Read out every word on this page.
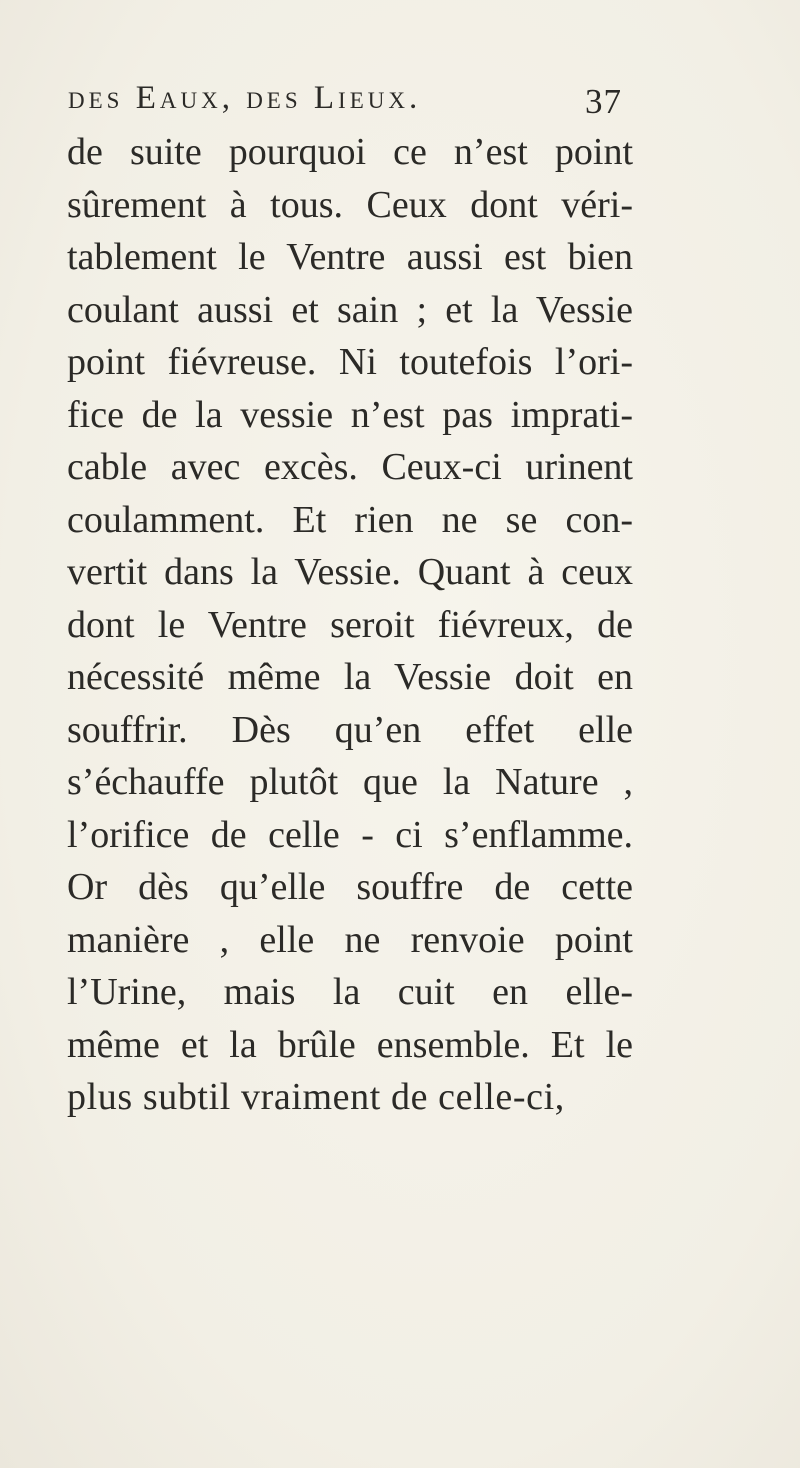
des Eaux, des Lieux.	37
de suite pourquoi ce n’est point
sûrement à tous. Ceux dont véri-
tablement le Ventre aussi est bien
coulant aussi et sain ; et la Vessie
point fiévreuse. Ni toutefois l’ori-
fice de la vessie n’est pas imprati-
cable avec excès. Ceux-ci urinent
coulamment. Et rien ne se con-
vertit dans la Vessie. Quant à ceux
dont le Ventre seroit fiévreux, de
nécessité même la Vessie doit en
souffrir. Dès qu’en effet elle
s’échauffe plutôt que la Nature ,
l’orifice de celle - ci s’enflamme.
Or dès qu’elle souffre de cette
manière , elle ne renvoie point
l’Urine, mais la cuit en elle-
même et la brûle ensemble. Et le
plus subtil vraiment de celle-ci,
